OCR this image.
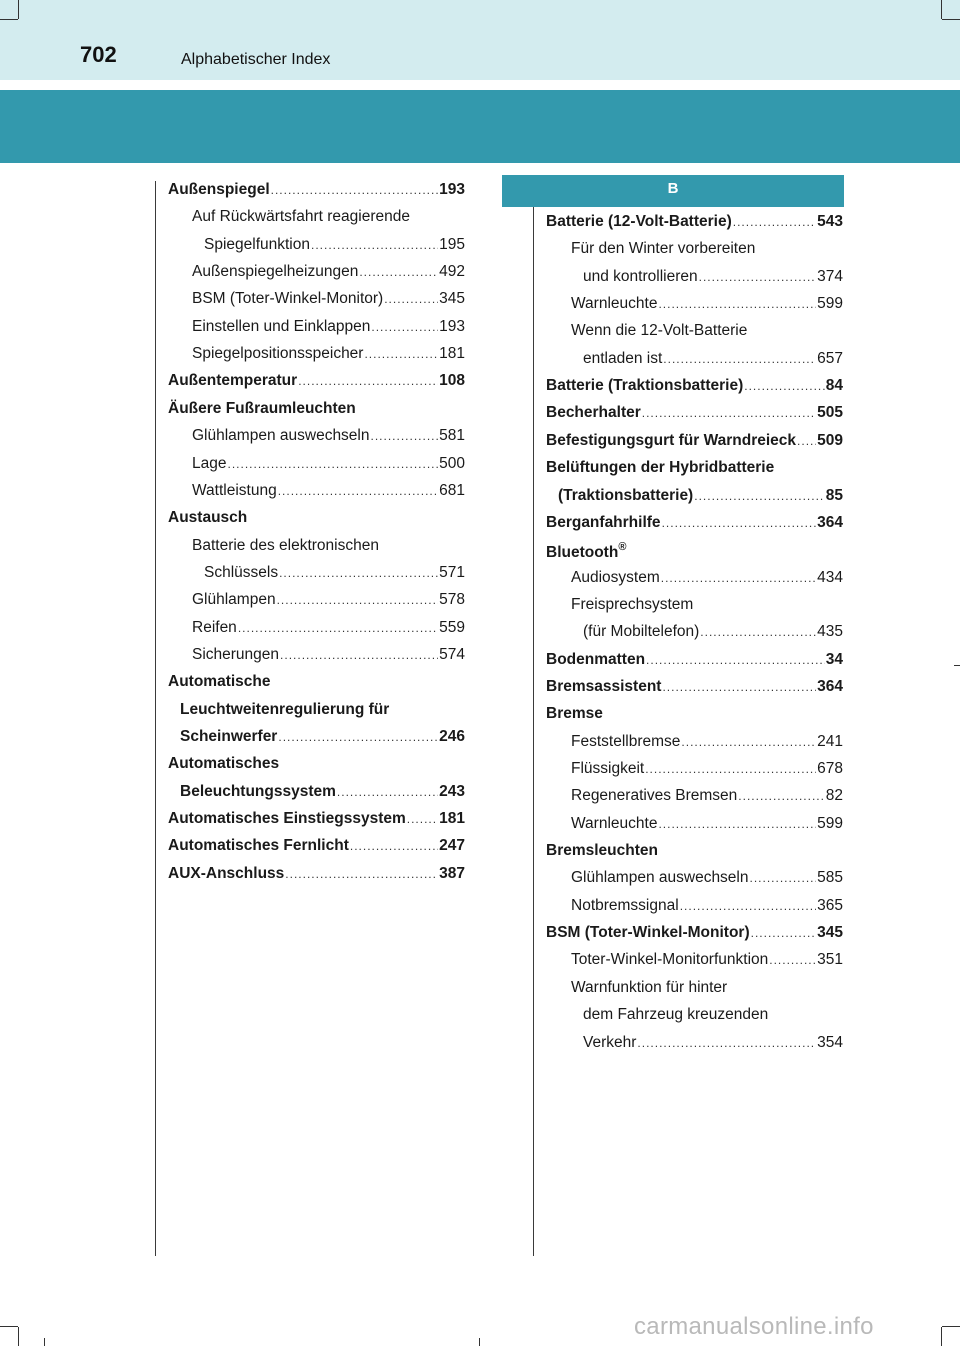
702	Alphabetischer Index
B
Außenspiegel .....	193
Auf Rückwärtsfahrt reagierende
Spiegelfunktion .....	195
Außenspiegelheizungen .....	492
BSM (Toter-Winkel-Monitor) .....	345
Einstellen und Einklappen .....	193
Spiegelpositionsspeicher .....	181
Außentemperatur .....	108
Äußere Fußraumleuchten
Glühlampen auswechseln .....	581
Lage .....	500
Wattleistung .....	681
Austausch
Batterie des elektronischen
Schlüssels .....	571
Glühlampen .....	578
Reifen .....	559
Sicherungen .....	574
Automatische
Leuchtweitenregulierung für
Scheinwerfer .....	246
Automatisches
Beleuchtungssystem .....	243
Automatisches Einstiegssystem ..... 181
Automatisches Fernlicht .....	247
AUX-Anschluss .....	387
Batterie (12-Volt-Batterie) .....	543
Für den Winter vorbereiten
und kontrollieren .....	374
Warnleuchte .....	599
Wenn die 12-Volt-Batterie
entladen ist .....	657
Batterie (Traktionsbatterie) .....	84
Becherhalter .....	505
Befestigungsgurt für Warndreieck ..... 509
Belüftungen der Hybridbatterie
(Traktionsbatterie) .....	85
Berganfahrhilfe .....	364
Bluetooth®
Audiosystem .....	434
Freisprechsystem
(für Mobiltelefon) .....	435
Bodenmatten .....	34
Bremsassistent .....	364
Bremse
Feststellbremse .....	241
Flüssigkeit .....	678
Regeneratives Bremsen .....	82
Warnleuchte .....	599
Bremsleuchten
Glühlampen auswechseln .....	585
Notbremssignal .....	365
BSM (Toter-Winkel-Monitor) .....	345
Toter-Winkel-Monitorfunktion .....	351
Warnfunktion für hinter
dem Fahrzeug kreuzenden
Verkehr .....	354
carmanualsonline.info
